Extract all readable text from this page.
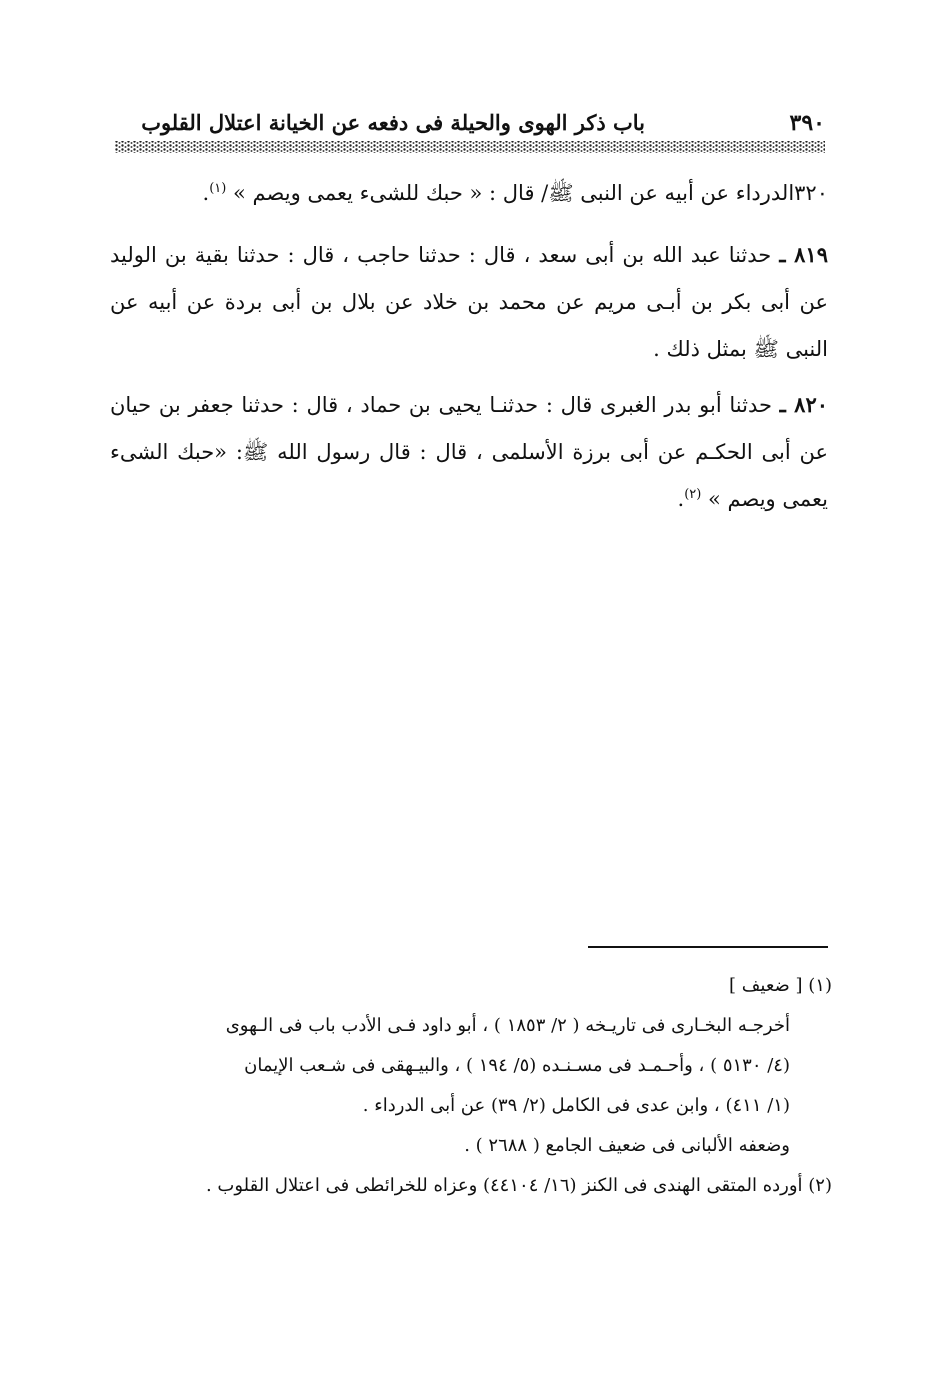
٣٩٠
باب ذكر الهوى والحيلة فى دفعه عن الخيانة اعتلال القلوب

٣٢٠الدرداء عن أبيه عن النبى ﷺ/ قال : « حبك للشىء يعمى ويصم » $^{(١)}$.

٨١٩ ـ حدثنا عبد الله بن أبى سعد ، قال : حدثنا حاجب ، قال : حدثنا بقية بن الوليد عن أبى بكر بن أبـى مريم عن محمد بن خلاد عن بلال بن أبى بردة عن أبيه عن النبى ﷺ بمثل ذلك .

٨٢٠ ـ حدثنا أبو بدر الغبرى قال : حدثنـا يحيى بن حماد ، قال : حدثنا جعفر بن حيان عن أبى الحكـم عن أبى برزة الأسلمى ، قال : قال رسول الله ﷺ: «حبك الشىء يعمى ويصم » $^{(٢)}$.

(١) [ ضعيف ]
أخرجـه البخـارى فى تاريـخه ( ٢/ ١٨٥٣ ) ، أبو داود فـى الأدب باب فى الـهوى
(٤/ ٥١٣٠ ) ، وأحـمـد فى مسـنـده (٥/ ١٩٤ ) ، والبيـهقى فى شـعب الإيمان
(١/ ٤١١) ، وابن عدى فى الكامل (٢/ ٣٩) عن أبى الدرداء .
وضعفه الألبانى فى ضعيف الجامع ( ٢٦٨٨ ) .
(٢) أورده المتقى الهندى فى الكنز (١٦/ ٤٤١٠٤) وعزاه للخرائطى فى اعتلال القلوب .
